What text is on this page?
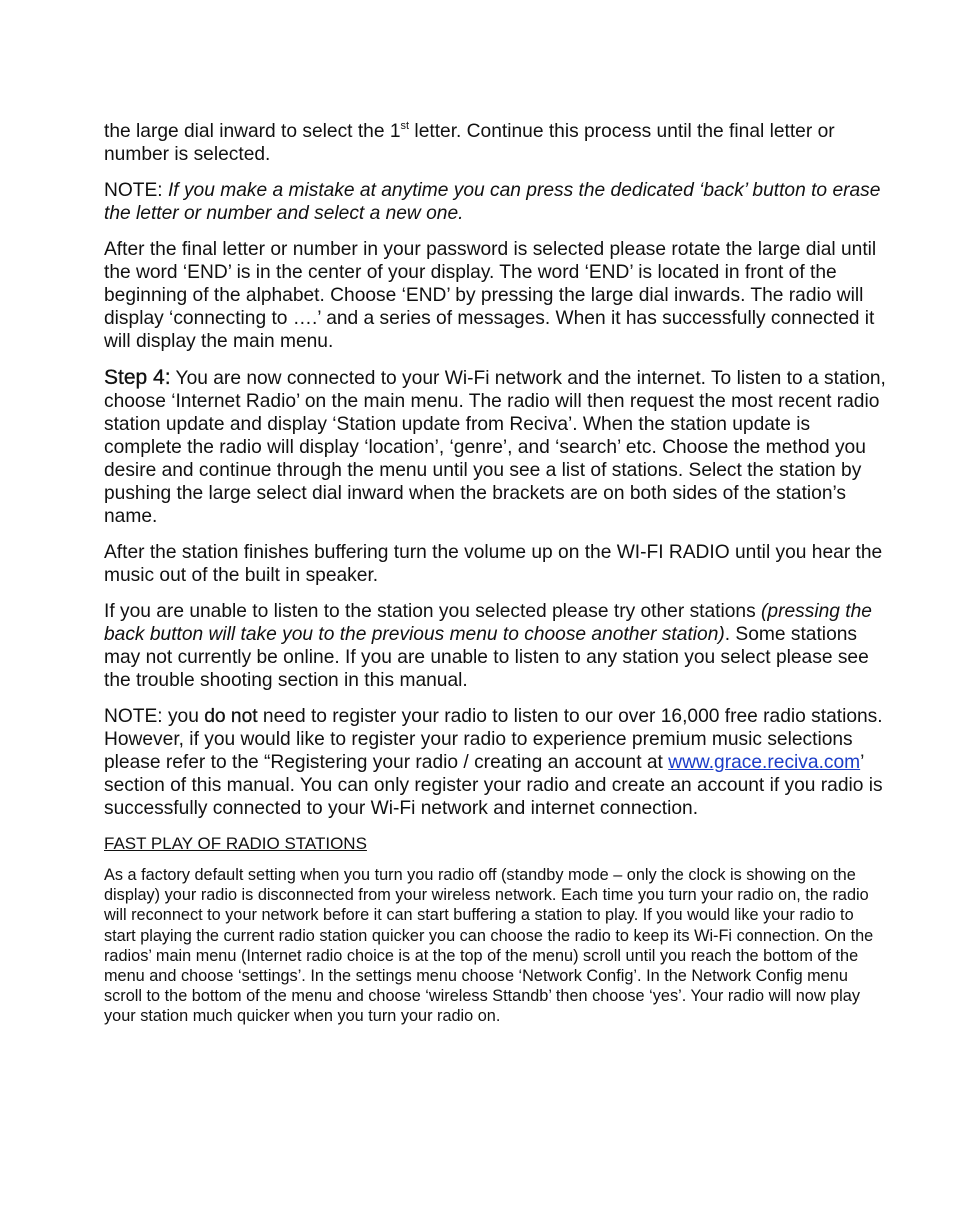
the large dial inward to select the 1st letter. Continue this process until the final letter or number is selected.

NOTE: If you make a mistake at anytime you can press the dedicated ‘back’ button to erase the letter or number and select a new one.

After the final letter or number in your password is selected please rotate the large dial until the word ‘END’ is in the center of your display. The word ‘END’ is located in front of the beginning of the alphabet. Choose ‘END’ by pressing the large dial inwards. The radio will display ‘connecting to ….’ and a series of messages. When it has successfully connected it will display the main menu.

Step 4: You are now connected to your Wi-Fi network and the internet. To listen to a station, choose ‘Internet Radio’ on the main menu. The radio will then request the most recent radio station update and display ‘Station update from Reciva’. When the station update is complete the radio will display ‘location’, ‘genre’, and ‘search’ etc. Choose the method you desire and continue through the menu until you see a list of stations. Select the station by pushing the large select dial inward when the brackets are on both sides of the station’s name.

After the station finishes buffering turn the volume up on the WI-FI RADIO until you hear the music out of the built in speaker.

If you are unable to listen to the station you selected please try other stations (pressing the back button will take you to the previous menu to choose another station). Some stations may not currently be online. If you are unable to listen to any station you select please see the trouble shooting section in this manual.

NOTE: you do not need to register your radio to listen to our over 16,000 free radio stations. However, if you would like to register your radio to experience premium music selections please refer to the “Registering your radio / creating an account at www.grace.reciva.com’ section of this manual. You can only register your radio and create an account if you radio is successfully connected to your Wi-Fi network and internet connection.

FAST PLAY OF RADIO STATIONS

As a factory default setting when you turn you radio off (standby mode – only the clock is showing on the display) your radio is disconnected from your wireless network. Each time you turn your radio on, the radio will reconnect to your network before it can start buffering a station to play. If you would like your radio to start playing the current radio station quicker you can choose the radio to keep its Wi-Fi connection. On the radios’ main menu (Internet radio choice is at the top of the menu) scroll until you reach the bottom of the menu and choose ‘settings’. In the settings menu choose ‘Network Config’. In the Network Config menu scroll to the bottom of the menu and choose ‘wireless Sttandb’ then choose ‘yes’. Your radio will now play your station much quicker when you turn your radio on.
